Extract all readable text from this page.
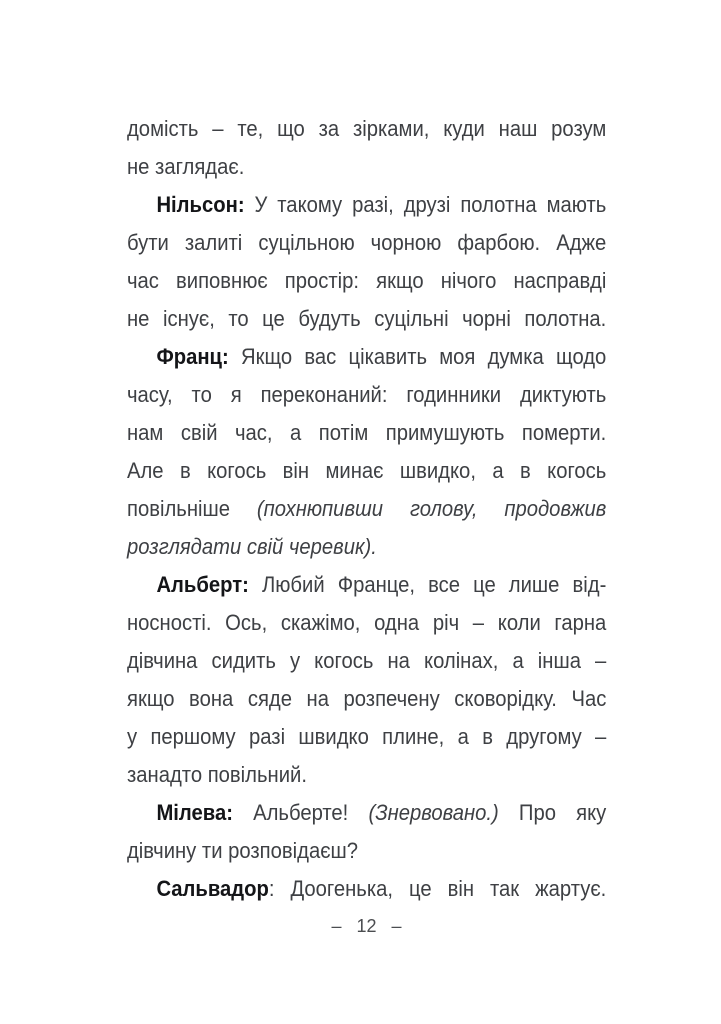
домість – те, що за зірками, куди наш розум
не заглядає.
Нільсон: У такому разі, друзі полотна мають
бути залиті суцільною чорною фарбою. Адже
час виповнює простір: якщо нічого насправді
не існує, то це будуть суцільні чорні полотна.
Франц: Якщо вас цікавить моя думка щодо
часу, то я переконаний: годинники диктують
нам свій час, а потім примушують померти.
Але в когось він минає швидко, а в когось
повільніше (похнюпивши голову, продовжив
розглядати свій черевик).
Альберт: Любий Франце, все це лише від-
носності. Ось, скажімо, одна річ – коли гарна
дівчина сидить у когось на колінах, а інша –
якщо вона сяде на розпечену сковорідку. Час
у першому разі швидко плине, а в другому –
занадто повільний.
Мілева: Альберте! (Знервовано.) Про яку
дівчину ти розповідаєш?
Сальвадор: Доогенька, це він так жартує.
– 12 –
